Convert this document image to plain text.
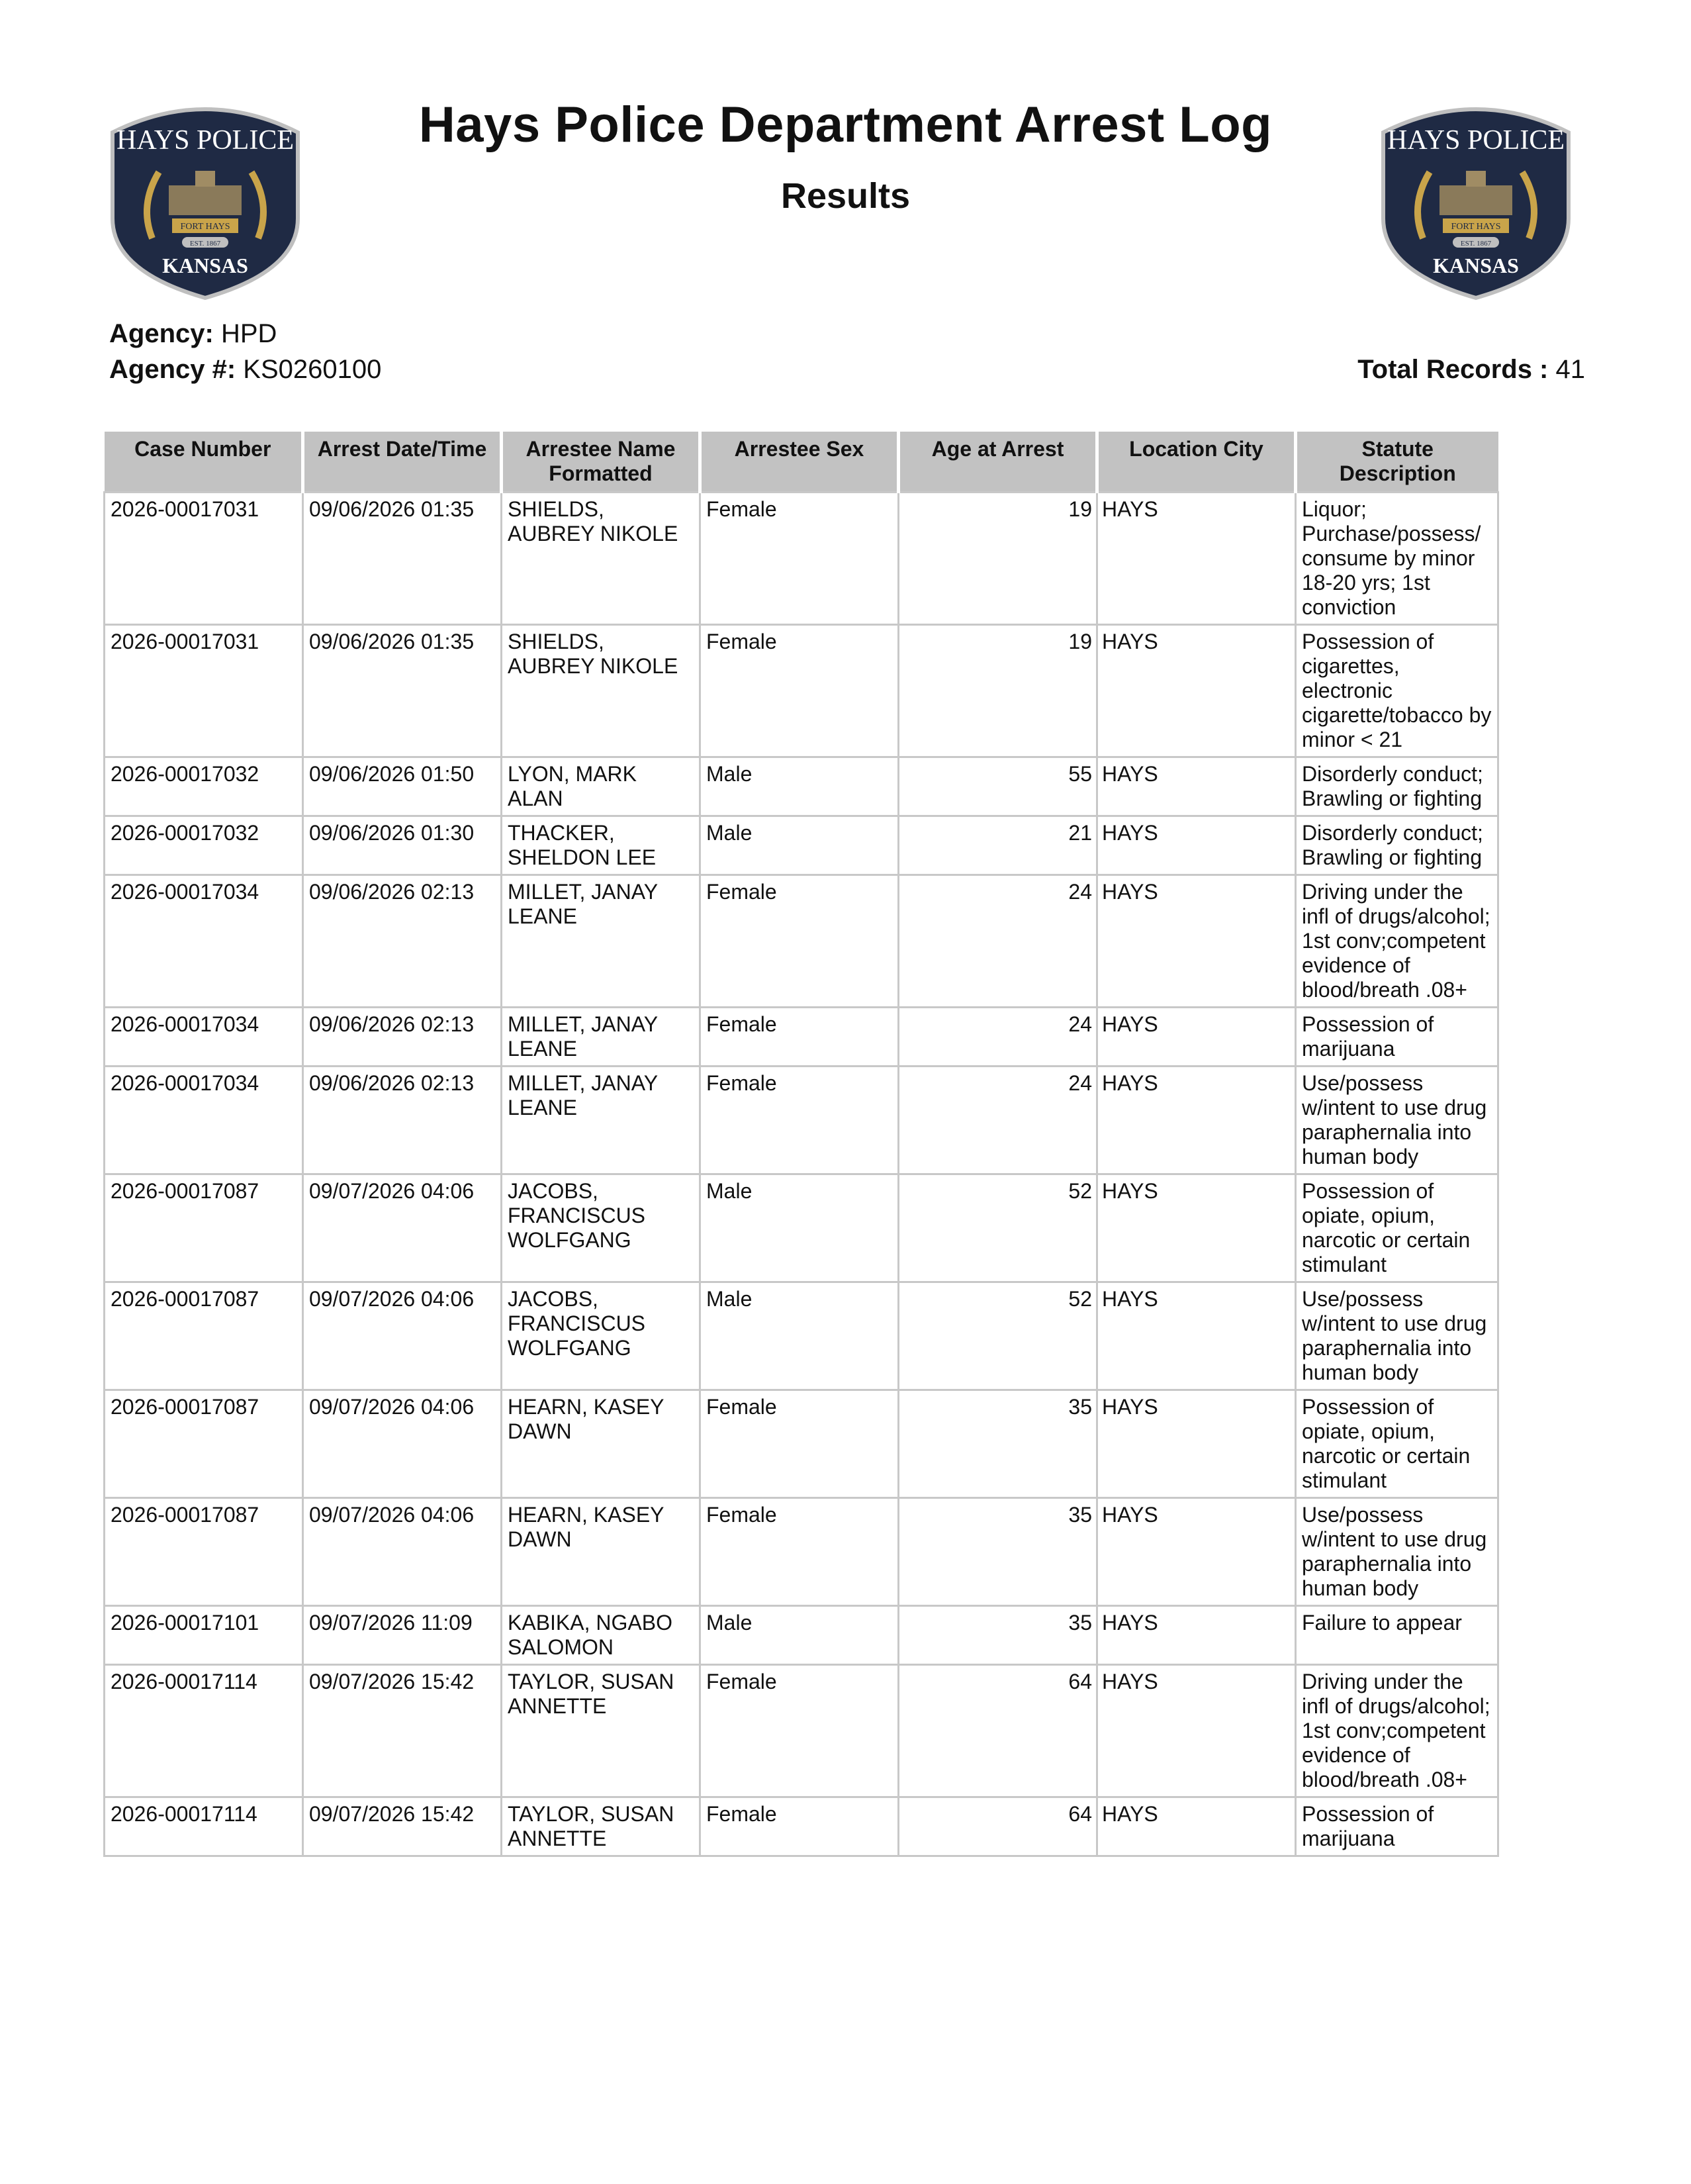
HAYS POLICE
FORT HAYS
EST. 1867
KANSAS
HAYS POLICE
FORT HAYS
EST. 1867
KANSAS
Hays Police Department Arrest Log
Results
Agency: HPD
Agency #: KS0260100	Total Records : 41
Case Number	Arrest Date/Time	Arrestee Name Formatted	Arrestee Sex	Age at Arrest	Location City	Statute Description
2026-00017031	09/06/2026 01:35	SHIELDS, AUBREY NIKOLE	Female	19	HAYS	Liquor; Purchase/possess/ consume by minor 18-20 yrs; 1st conviction
2026-00017031	09/06/2026 01:35	SHIELDS, AUBREY NIKOLE	Female	19	HAYS	Possession of cigarettes, electronic cigarette/tobacco by minor < 21
2026-00017032	09/06/2026 01:50	LYON, MARK ALAN	Male	55	HAYS	Disorderly conduct; Brawling or fighting
2026-00017032	09/06/2026 01:30	THACKER, SHELDON LEE	Male	21	HAYS	Disorderly conduct; Brawling or fighting
2026-00017034	09/06/2026 02:13	MILLET, JANAY LEANE	Female	24	HAYS	Driving under the infl of drugs/alcohol; 1st conv;competent evidence of blood/breath .08+
2026-00017034	09/06/2026 02:13	MILLET, JANAY LEANE	Female	24	HAYS	Possession of marijuana
2026-00017034	09/06/2026 02:13	MILLET, JANAY LEANE	Female	24	HAYS	Use/possess w/intent to use drug paraphernalia into human body
2026-00017087	09/07/2026 04:06	JACOBS, FRANCISCUS WOLFGANG	Male	52	HAYS	Possession of opiate, opium, narcotic or certain stimulant
2026-00017087	09/07/2026 04:06	JACOBS, FRANCISCUS WOLFGANG	Male	52	HAYS	Use/possess w/intent to use drug paraphernalia into human body
2026-00017087	09/07/2026 04:06	HEARN, KASEY DAWN	Female	35	HAYS	Possession of opiate, opium, narcotic or certain stimulant
2026-00017087	09/07/2026 04:06	HEARN, KASEY DAWN	Female	35	HAYS	Use/possess w/intent to use drug paraphernalia into human body
2026-00017101	09/07/2026 11:09	KABIKA, NGABO SALOMON	Male	35	HAYS	Failure to appear
2026-00017114	09/07/2026 15:42	TAYLOR, SUSAN ANNETTE	Female	64	HAYS	Driving under the infl of drugs/alcohol; 1st conv;competent evidence of blood/breath .08+
2026-00017114	09/07/2026 15:42	TAYLOR, SUSAN ANNETTE	Female	64	HAYS	Possession of marijuana
